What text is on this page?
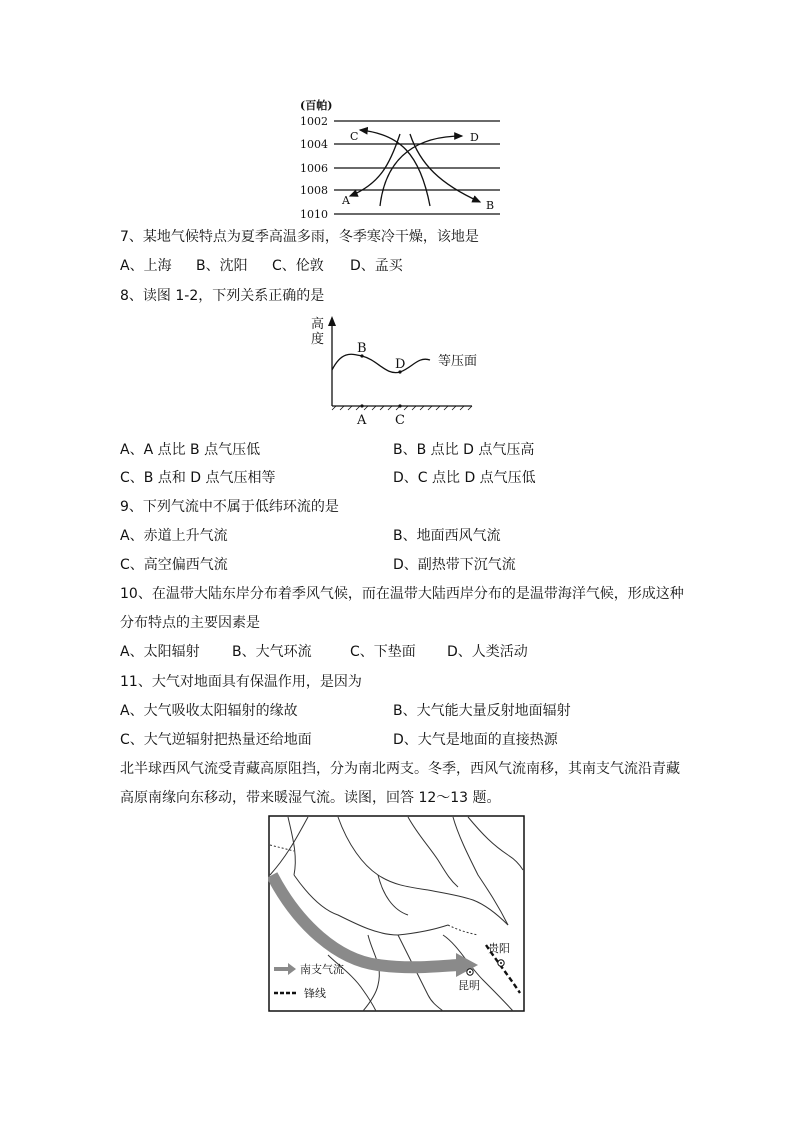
(百帕)
1002
1004
1006
1008
1010
C	D
A	B
7、某地气候特点为夏季高温多雨，冬季寒冷干燥，该地是
A、上海 B、沈阳 C、伦敦 D、孟买
8、读图 1-2，下列关系正确的是
高
度
B
D
A C
等压面
A、A 点比 B 点气压低	B、B 点比 D 点气压高
C、B 点和 D 点气压相等	D、C 点比 D 点气压低
9、下列气流中不属于低纬环流的是
A、赤道上升气流	B、地面西风气流
C、高空偏西气流	D、副热带下沉气流
10、在温带大陆东岸分布着季风气候，而在温带大陆西岸分布的是温带海洋气候，形成这种
分布特点的主要因素是
A、太阳辐射 B、大气环流	C、下垫面 D、人类活动
11、大气对地面具有保温作用，是因为
A、大气吸收太阳辐射的缘故	B、大气能大量反射地面辐射
C、大气逆辐射把热量还给地面	D、大气是地面的直接热源
北半球西风气流受青藏高原阻挡，分为南北两支。冬季，西风气流南移，其南支气流沿青藏
高原南缘向东移动，带来暖湿气流。读图，回答 12～13 题。
贵阳
昆明
南支气流
锋线
